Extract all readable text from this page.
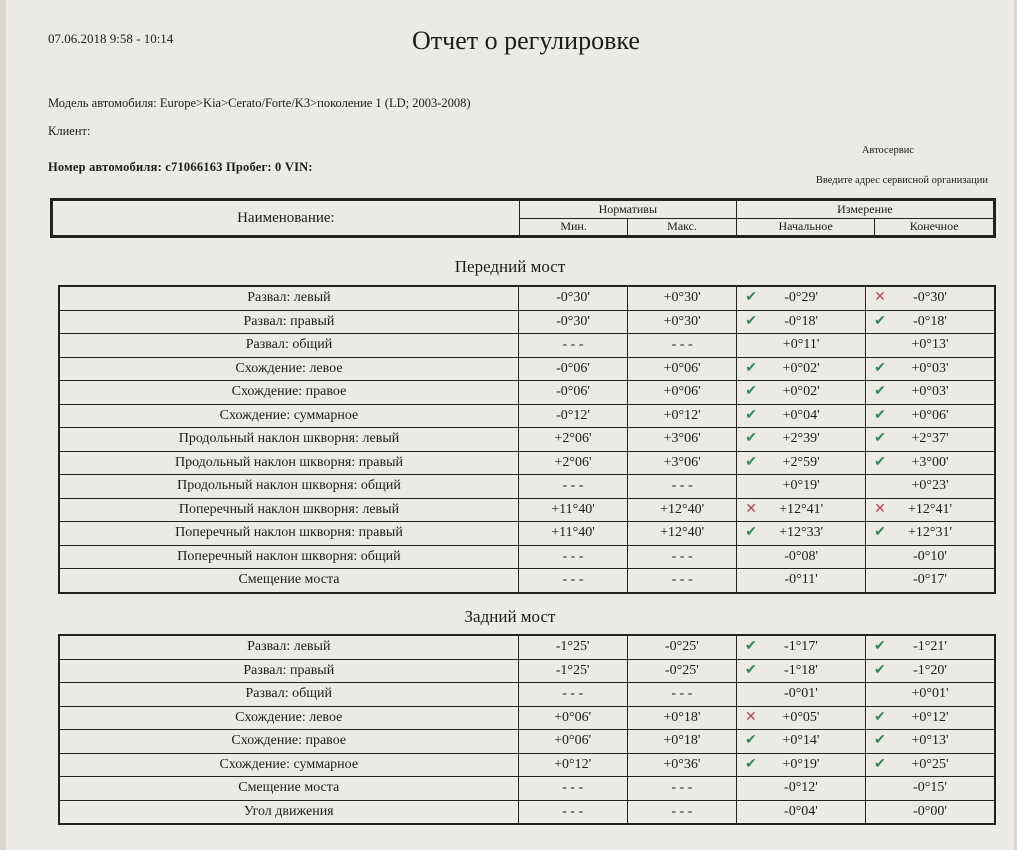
07.06.2018 9:58 - 10:14	Отчет о регулировке
Модель автомобиля: Europe>Kia>Cerato/Forte/K3>поколение 1 (LD; 2003-2008)
Клиент:
Автосервис
Номер автомобиля: с71066163 Пробег: 0 VIN:
Введите адрес сервисной организации
Наименование:	Нормативы		Измерение	
	Мин.	Макс.	Начальное	Конечное
Передний мост
Развал: левый	-0°30'	+0°30'	✔ -0°29'	✕ -0°30'
Развал: правый	-0°30'	+0°30'	✔ -0°18'	✔ -0°18'
Развал: общий	- - -	- - -	+0°11'	+0°13'
Схождение: левое	-0°06'	+0°06'	✔ +0°02'	✔ +0°03'
Схождение: правое	-0°06'	+0°06'	✔ +0°02'	✔ +0°03'
Схождение: суммарное	-0°12'	+0°12'	✔ +0°04'	✔ +0°06'
Продольный наклон шкворня: левый	+2°06'	+3°06'	✔ +2°39'	✔ +2°37'
Продольный наклон шкворня: правый	+2°06'	+3°06'	✔ +2°59'	✔ +3°00'
Продольный наклон шкворня: общий	- - -	- - -	+0°19'	+0°23'
Поперечный наклон шкворня: левый	+11°40'	+12°40'	✕ +12°41'	✕ +12°41'
Поперечный наклон шкворня: правый	+11°40'	+12°40'	✔ +12°33'	✔ +12°31'
Поперечный наклон шкворня: общий	- - -	- - -	-0°08'	-0°10'
Смещение моста	- - -	- - -	-0°11'	-0°17'
Задний мост
Развал: левый	-1°25'	-0°25'	✔ -1°17'	✔ -1°21'
Развал: правый	-1°25'	-0°25'	✔ -1°18'	✔ -1°20'
Развал: общий	- - -	- - -	-0°01'	+0°01'
Схождение: левое	+0°06'	+0°18'	✕ +0°05'	✔ +0°12'
Схождение: правое	+0°06'	+0°18'	✔ +0°14'	✔ +0°13'
Схождение: суммарное	+0°12'	+0°36'	✔ +0°19'	✔ +0°25'
Смещение моста	- - -	- - -	-0°12'	-0°15'
Угол движения	- - -	- - -	-0°04'	-0°00'
